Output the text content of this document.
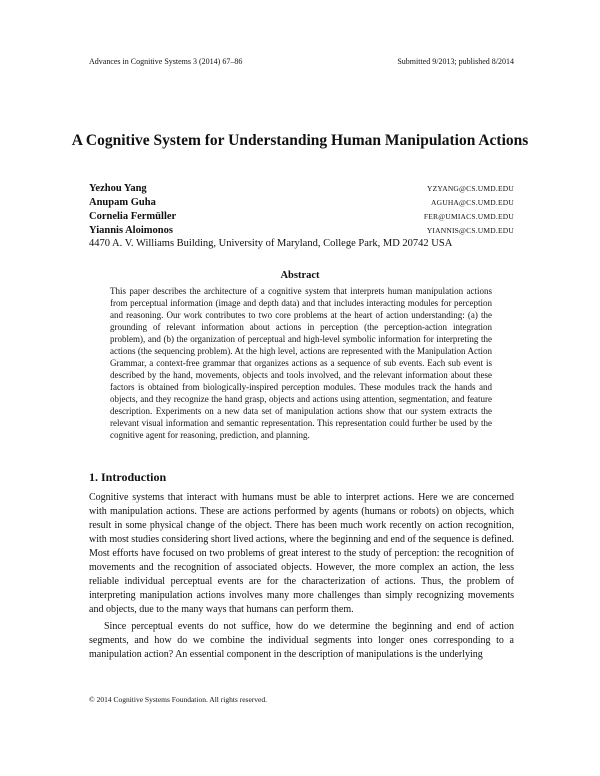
Advances in Cognitive Systems 3 (2014) 67–86	Submitted 9/2013; published 8/2014
A Cognitive System for Understanding Human Manipulation Actions
Yezhou Yang	YZYANG@CS.UMD.EDU
Anupam Guha	AGUHA@CS.UMD.EDU
Cornelia Fermüller	FER@UMIACS.UMD.EDU
Yiannis Aloimonos	YIANNIS@CS.UMD.EDU
4470 A. V. Williams Building, University of Maryland, College Park, MD 20742 USA
Abstract
This paper describes the architecture of a cognitive system that interprets human manipulation actions from perceptual information (image and depth data) and that includes interacting modules for perception and reasoning. Our work contributes to two core problems at the heart of action understanding: (a) the grounding of relevant information about actions in perception (the perception-action integration problem), and (b) the organization of perceptual and high-level symbolic information for interpreting the actions (the sequencing problem). At the high level, actions are represented with the Manipulation Action Grammar, a context-free grammar that organizes actions as a sequence of sub events. Each sub event is described by the hand, movements, objects and tools involved, and the relevant information about these factors is obtained from biologically-inspired perception modules. These modules track the hands and objects, and they recognize the hand grasp, objects and actions using attention, segmentation, and feature description. Experiments on a new data set of manipulation actions show that our system extracts the relevant visual information and semantic representation. This representation could further be used by the cognitive agent for reasoning, prediction, and planning.
1. Introduction

Cognitive systems that interact with humans must be able to interpret actions. Here we are concerned with manipulation actions. These are actions performed by agents (humans or robots) on objects, which result in some physical change of the object. There has been much work recently on action recognition, with most studies considering short lived actions, where the beginning and end of the sequence is defined. Most efforts have focused on two problems of great interest to the study of perception: the recognition of movements and the recognition of associated objects. However, the more complex an action, the less reliable individual perceptual events are for the characterization of actions. Thus, the problem of interpreting manipulation actions involves many more challenges than simply recognizing movements and objects, due to the many ways that humans can perform them.

Since perceptual events do not suffice, how do we determine the beginning and end of action segments, and how do we combine the individual segments into longer ones corresponding to a manipulation action? An essential component in the description of manipulations is the underlying

© 2014 Cognitive Systems Foundation. All rights reserved.
